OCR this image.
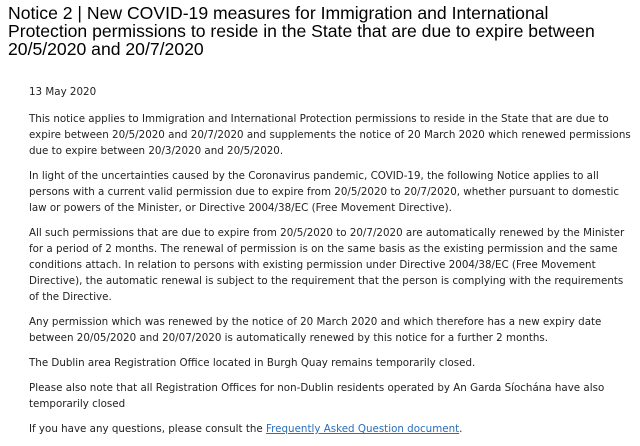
Notice 2 | New COVID-19 measures for Immigration and International Protection permissions to reside in the State that are due to expire between 20/5/2020 and 20/7/2020

13 May 2020

This notice applies to Immigration and International Protection permissions to reside in the State that are due to expire between 20/5/2020 and 20/7/2020 and supplements the notice of 20 March 2020 which renewed permissions due to expire between 20/3/2020 and 20/5/2020.

In light of the uncertainties caused by the Coronavirus pandemic, COVID-19, the following Notice applies to all persons with a current valid permission due to expire from 20/5/2020 to 20/7/2020, whether pursuant to domestic law or powers of the Minister, or Directive 2004/38/EC (Free Movement Directive).

All such permissions that are due to expire from 20/5/2020 to 20/7/2020 are automatically renewed by the Minister for a period of 2 months. The renewal of permission is on the same basis as the existing permission and the same conditions attach. In relation to persons with existing permission under Directive 2004/38/EC (Free Movement Directive), the automatic renewal is subject to the requirement that the person is complying with the requirements of the Directive.

Any permission which was renewed by the notice of 20 March 2020 and which therefore has a new expiry date between 20/05/2020 and 20/07/2020 is automatically renewed by this notice for a further 2 months.

The Dublin area Registration Office located in Burgh Quay remains temporarily closed.

Please also note that all Registration Offices for non-Dublin residents operated by An Garda Síochána have also temporarily closed

If you have any questions, please consult the Frequently Asked Question document.
